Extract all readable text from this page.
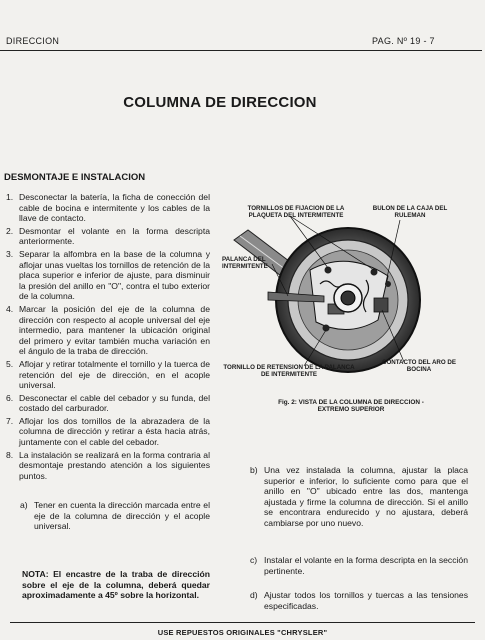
DIRECCION	PAG. Nº 19 - 7
COLUMNA DE DIRECCION
DESMONTAJE E INSTALACION
1. Desconectar la batería, la ficha de conección del cable de bocina e intermitente y los cables de la llave de contacto.
2. Desmontar el volante en la forma descripta anteriormente.
3. Separar la alfombra en la base de la columna y aflojar unas vueltas los tornillos de retención de la placa superior e inferior de ajuste, para disminuir la presión del anillo en "O", contra el tubo exterior de la columna.
4. Marcar la posición del eje de la columna de dirección con respecto al acople universal del eje intermedio, para mantener la ubicación original del primero y evitar también mucha variación en el ángulo de la traba de dirección.
5. Aflojar y retirar totalmente el tornillo y la tuerca de retención del eje de dirección, en el acople universal.
6. Desconectar el cable del cebador y su funda, del costado del carburador.
7. Aflojar los dos tornillos de la abrazadera de la columna de dirección y retirar a ésta hacia atrás, juntamente con el cable del cebador.
8. La instalación se realizará en la forma contraria al desmontaje prestando atención a los siguientes puntos.
a) Tener en cuenta la dirección marcada entre el eje de la columna de dirección y el acople universal.
NOTA: El encastre de la traba de dirección sobre el eje de la columna, deberá quedar aproximadamente a 45º sobre la horizontal.
TORNILLOS DE FIJACION DE LA PLAQUETA DEL INTERMITENTE
BULON DE LA CAJA DEL RULEMAN
PALANCA DEL INTERMITENTE
TORNILLO DE RETENSION DE LA PALANCA DE INTERMITENTE
CONTACTO DEL ARO DE BOCINA
Fig. 2: VISTA DE LA COLUMNA DE DIRECCION - EXTREMO SUPERIOR
b) Una vez instalada la columna, ajustar la placa superior e inferior, lo suficiente como para que el anillo en "O" ubicado entre las dos, mantenga ajustada y firme la columna de dirección. Si el anillo se encontrara endurecido y no ajustara, deberá cambiarse por uno nuevo.
c) Instalar el volante en la forma descripta en la sección pertinente.
d) Ajustar todos los tornillos y tuercas a las tensiones especificadas.
USE REPUESTOS ORIGINALES "CHRYSLER"
